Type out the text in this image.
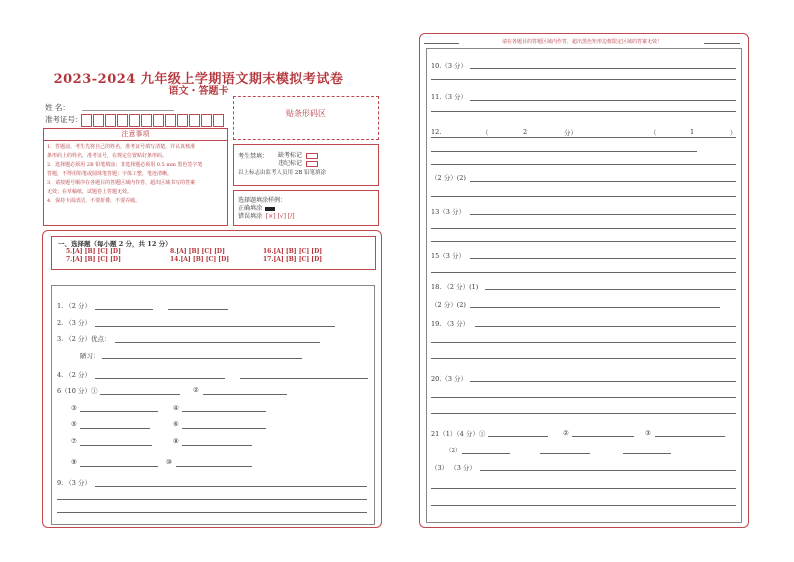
2023-2024 九年级上学期语文期末模拟考试卷
语文・答题卡
姓 名：
准考证号：
贴条形码区
注意事项
1．答题前，考生先将自己的姓名，准考证号填写清楚，并认真核准
条形码上的姓名，准考证号，在规定位置贴好条形码。
2．选择题必须用 2B 铅笔填涂；非选择题必须用 0.5 mm 黑色签字笔
答题，不得用铅笔或圆珠笔答题；字体工整，笔迹清晰。
3．请按题号顺序在各题目的答题区域内作答，超出区域书写的答案
无效；在草稿纸，试题卷上答题无效。
4．保持卡面清洁，不要折叠，不要弄破。
考生禁填： 缺考标记
违纪标记
以上标志由监考人员用 2B 铅笔填涂
选择题填涂样例：
正确填涂
错误填涂 [×] [√] [/]
一、选择题（每小题 2 分，共 12 分）
5.[A] [B] [C] [D]	8.[A] [B] [C] [D]	16.[A] [B] [C] [D]
7.[A] [B] [C] [D]	14.[A] [B] [C] [D]	17.[A] [B] [C] [D]
1. （2 分）
2. （3 分）
3. （2 分）优点：
陋习：
4. （2 分）
6（10 分）①	②
③	④
⑤	⑥
⑦	⑧
⑨	⑩
9. （3 分）
请在各题目的答题区域内作答，超出黑色矩形边框限定区域的答案无效！
10.（3 分）
11.（3 分）
12.	（	2	分）	（	1	）
（2 分）(2)
13（3 分）
15（3 分）
18. （2 分）(1)
（2 分）(2)
19. （3 分）
20.（3 分）
21（1）（4 分）①	②	③
（2）
（3） （3 分）
